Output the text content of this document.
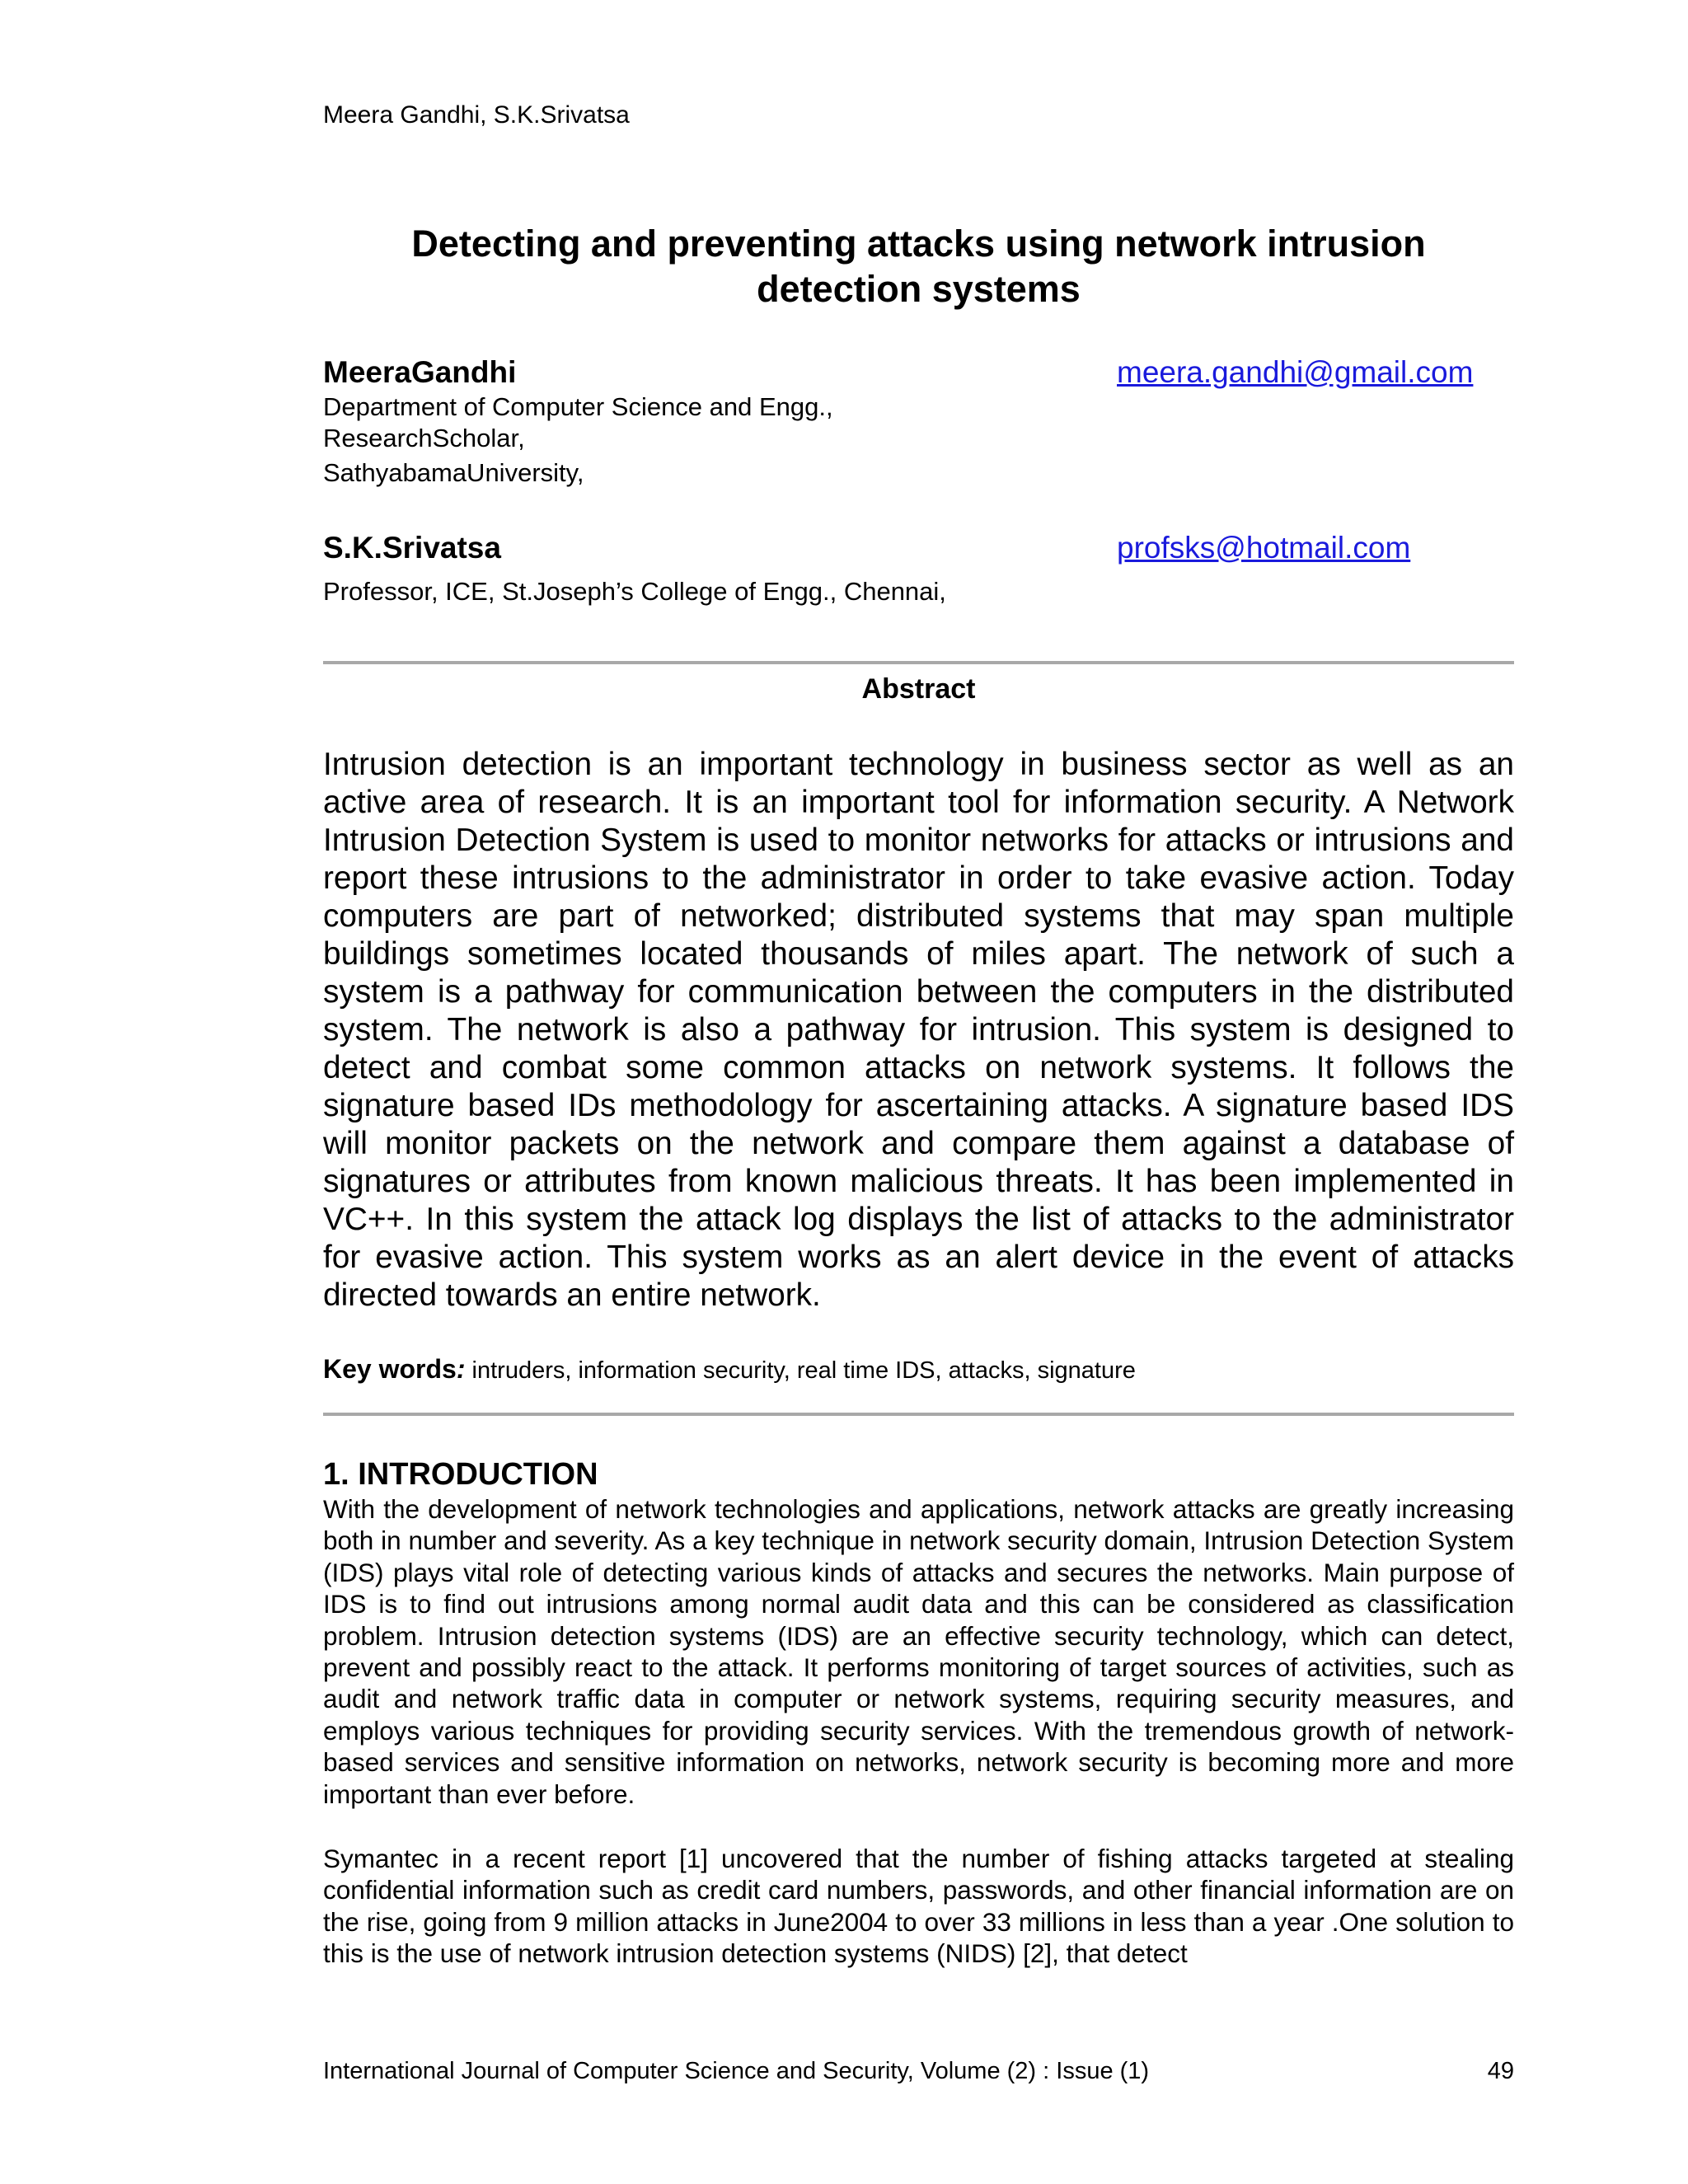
Meera Gandhi, S.K.Srivatsa
Detecting and preventing attacks using network intrusion
detection systems
MeeraGandhi	meera.gandhi@gmail.com
Department of Computer Science and Engg.,
ResearchScholar,
SathyabamaUniversity,
S.K.Srivatsa	profsks@hotmail.com
Professor, ICE, St.Joseph’s College of Engg., Chennai,
Abstract

Intrusion detection is an important technology in business sector as well as an active area of research. It is an important tool for information security. A Network Intrusion Detection System is used to monitor networks for attacks or intrusions and report these intrusions to the administrator in order to take evasive action. Today computers are part of networked; distributed systems that may span multiple buildings sometimes located thousands of miles apart. The network of such a system is a pathway for communication between the computers in the distributed system. The network is also a pathway for intrusion. This system is designed to detect and combat some common attacks on network systems. It follows the signature based IDs methodology for ascertaining attacks. A signature based IDS will monitor packets on the network and compare them against a database of signatures or attributes from known malicious threats. It has been implemented in VC++. In this system the attack log displays the list of attacks to the administrator for evasive action. This system works as an alert device in the event of attacks directed towards an entire network.

Key words: intruders, information security, real time IDS, attacks, signature
1. INTRODUCTION

With the development of network technologies and applications, network attacks are greatly increasing both in number and severity. As a key technique in network security domain, Intrusion Detection System (IDS) plays vital role of detecting various kinds of attacks and secures the networks. Main purpose of IDS is to find out intrusions among normal audit data and this can be considered as classification problem. Intrusion detection systems (IDS) are an effective security technology, which can detect, prevent and possibly react to the attack. It performs monitoring of target sources of activities, such as audit and network traffic data in computer or network systems, requiring security measures, and employs various techniques for providing security services. With the tremendous growth of network-based services and sensitive information on networks, network security is becoming more and more important than ever before.

Symantec in a recent report [1] uncovered that the number of fishing attacks targeted at stealing confidential information such as credit card numbers, passwords, and other financial information are on the rise, going from 9 million attacks in June2004 to over 33 millions in less than a year .One solution to this is the use of network intrusion detection systems (NIDS) [2], that detect

International Journal of Computer Science and Security, Volume (2) : Issue (1)	49
